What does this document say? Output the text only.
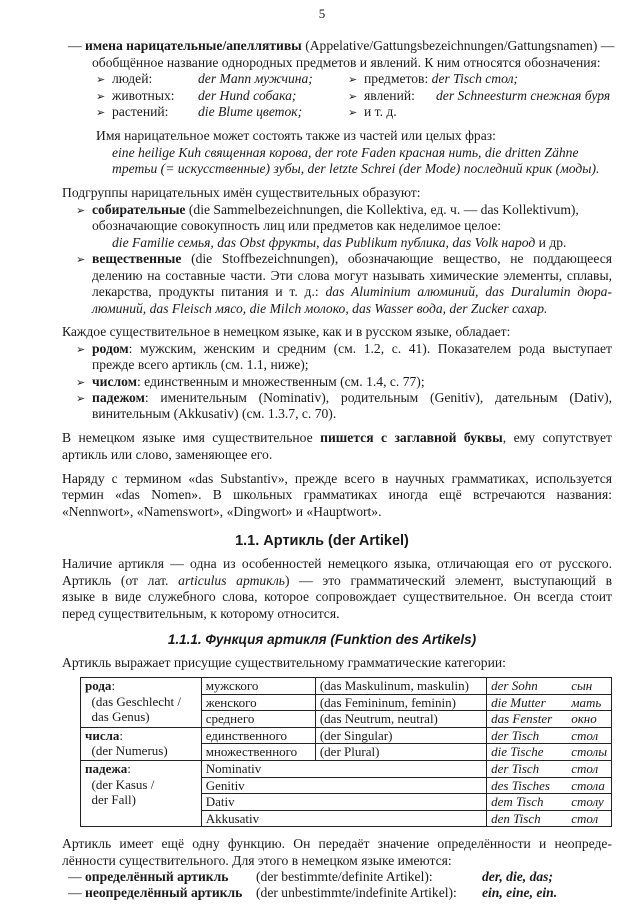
5
— имена нарицательные/апеллятивы (Appelative/Gattungsbezeichnungen/Gattungsnamen) —
обобщённое название однородных предметов и явлений. К ним относятся обозначения:
➢ людей:	der Mann мужчина;
➢ животных: der Hund собака;
➢ растений: die Blume цветок;
➢ предметов: der Tisch стол;
➢ явлений: der Schneesturm снежная буря
➢ и т. д.
Имя нарицательное может состоять также из частей или целых фраз:
eine heilige Kuh священная корова, der rote Faden красная нить, die dritten Zähne
третьи (= искусственные) зубы, der letzte Schrei (der Mode) последний крик (моды).
Подгруппы нарицательных имён существительных образуют:
➢ собирательные (die Sammelbezeichnungen, die Kollektiva, ед. ч. — das Kollektivum),
обозначающие совокупность лиц или предметов как неделимое целое:
die Familie семья, das Obst фрукты, das Publikum публика, das Volk народ и др.
➢ вещественные (die Stoffbezeichnungen), обозначающие вещество, не поддающееся
делению на составные части. Эти слова могут называть химические элементы, сплавы,
лекарства, продукты питания и т. д.: das Aluminium алюминий, das Duralumin дюра-
люминий, das Fleisch мясо, die Milch молоко, das Wasser вода, der Zucker сахар.
Каждое существительное в немецком языке, как и в русском языке, обладает:
➢ родом: мужским, женским и средним (см. 1.2, с. 41). Показателем рода выступает
прежде всего артикль (см. 1.1, ниже);
➢ числом: единственным и множественным (см. 1.4, с. 77);
➢ падежом: именительным (Nominativ), родительным (Genitiv), дательным (Dativ),
винительным (Akkusativ) (см. 1.3.7, с. 70).
В немецком языке имя существительное пишется с заглавной буквы, ему сопутствует
артикль или слово, заменяющее его.
Наряду с термином «das Substantiv», прежде всего в научных грамматиках, используется
термин «das Nomen». В школьных грамматиках иногда ещё встречаются названия:
«Nennwort», «Namenswort», «Dingwort» и «Hauptwort».
1.1. Артикль (der Artikel)
Наличие артикля — одна из особенностей немецкого языка, отличающая его от русского.
Артикль (от лат. articulus артикль) — это грамматический элемент, выступающий в
языке в виде служебного слова, которое сопровождает существительное. Он всегда стоит
перед существительным, к которому относится.
1.1.1. Функция артикля (Funktion des Artikels)
Артикль выражает присущие существительному грамматические категории:
рода:
(das Geschlecht /
das Genus)	мужского	(das Maskulinum, maskulin)	der Sohn	сын
	женского	(das Femininum, feminin)	die Mutter	мать
	среднего	(das Neutrum, neutral)	das Fenster	окно
числа:
(der Numerus)	единственного	(der Singular)	der Tisch	стол
	множественного	(der Plural)	die Tische	столы
падежа:
(der Kasus /
der Fall)	Nominativ		der Tisch	стол
	Genitiv		des Tisches	стола
	Dativ		dem Tisch	столу
	Akkusativ		den Tisch	стол
Артикль имеет ещё одну функцию. Он передаёт значение определённости и неопреде-
лённости существительного. Для этого в немецком языке имеются:
— определённый артикль (der bestimmte/definite Artikel):	der, die, das;
— неопределённый артикль (der unbestimmte/indefinite Artikel): ein, eine, ein.
